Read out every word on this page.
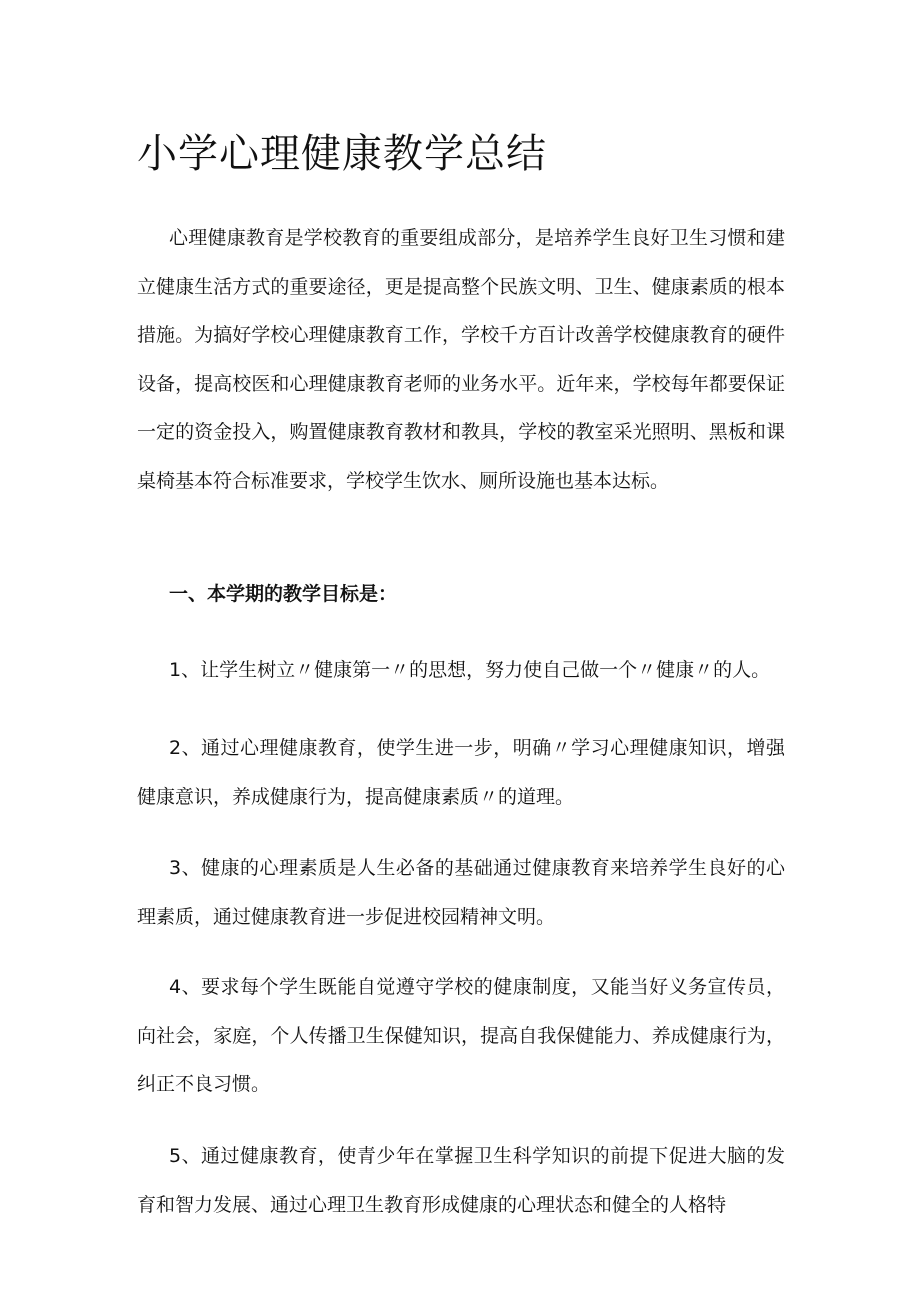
小学心理健康教学总结

心理健康教育是学校教育的重要组成部分，是培养学生良好卫生习惯和建立健康生活方式的重要途径，更是提高整个民族文明、卫生、健康素质的根本措施。为搞好学校心理健康教育工作，学校千方百计改善学校健康教育的硬件设备，提高校医和心理健康教育老师的业务水平。近年来，学校每年都要保证一定的资金投入，购置健康教育教材和教具，学校的教室采光照明、黑板和课桌椅基本符合标准要求，学校学生饮水、厕所设施也基本达标。

一、本学期的教学目标是：

1、让学生树立〃健康第一〃的思想，努力使自己做一个〃健康〃的人。

2、通过心理健康教育，使学生进一步，明确〃学习心理健康知识，增强健康意识，养成健康行为，提高健康素质〃的道理。

3、健康的心理素质是人生必备的基础通过健康教育来培养学生良好的心理素质，通过健康教育进一步促进校园精神文明。

4、要求每个学生既能自觉遵守学校的健康制度，又能当好义务宣传员，向社会，家庭，个人传播卫生保健知识，提高自我保健能力、养成健康行为，纠正不良习惯。

5、通过健康教育，使青少年在掌握卫生科学知识的前提下促进大脑的发育和智力发展、通过心理卫生教育形成健康的心理状态和健全的人格特
